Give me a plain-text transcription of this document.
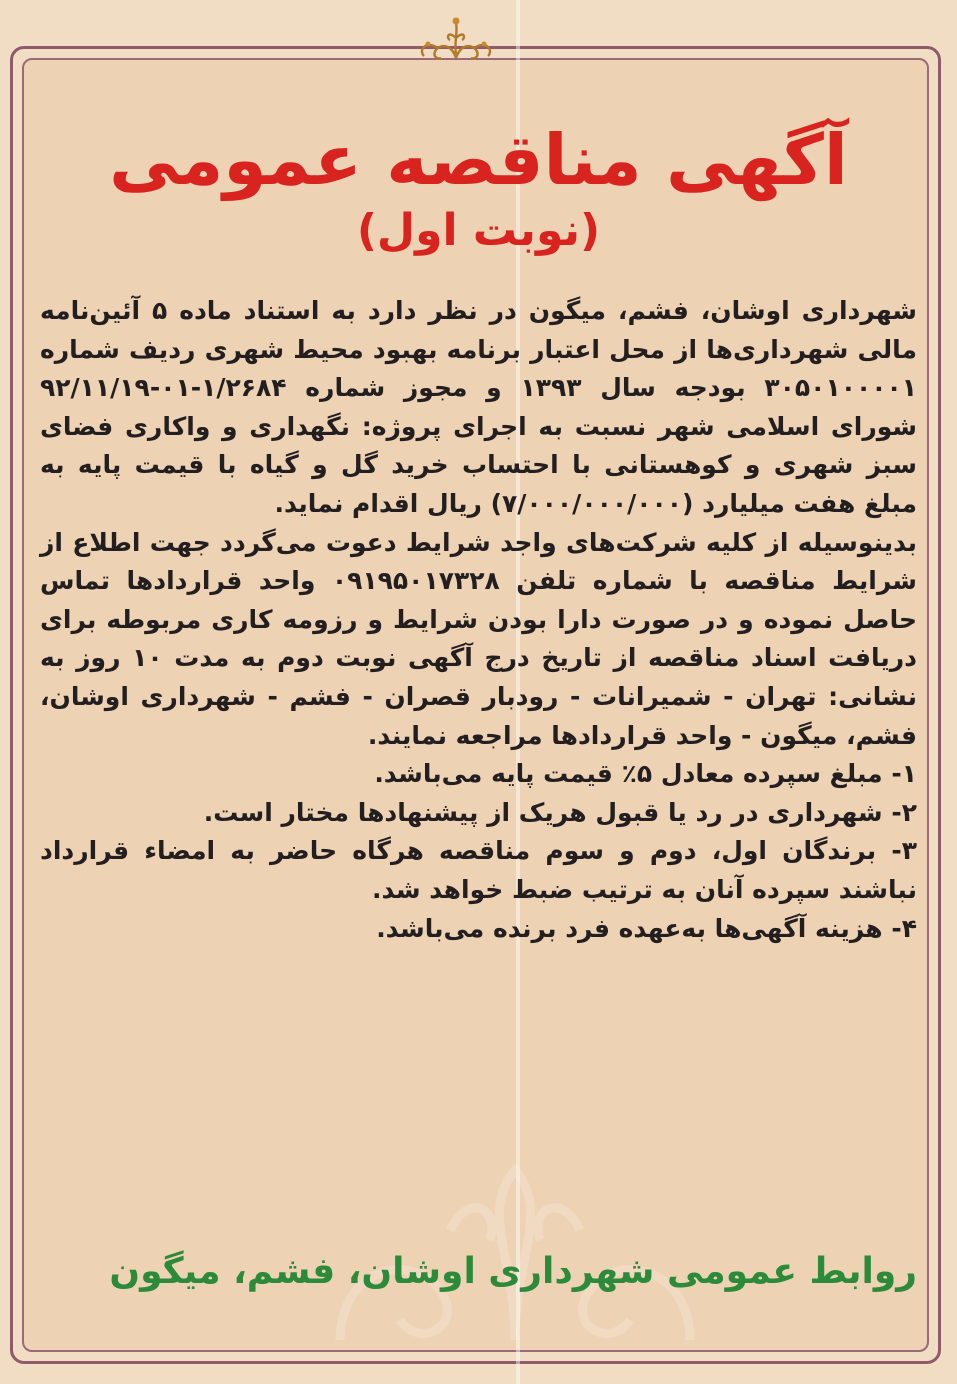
آگهی مناقصه عمومی
(نوبت اول)

شهرداری اوشان، فشم، میگون در نظر دارد به استناد ماده ۵ آئین‌نامه مالی شهرداری‌ها از محل اعتبار برنامه بهبود محیط شهری ردیف شماره ۳۰۵۰۱۰۰۰۰۱ بودجه سال ۱۳۹۳ و مجوز شماره ۱/۲۶۸۴-۰۱-۹۲/۱۱/۱۹ شورای اسلامی شهر نسبت به اجرای پروژه: نگهداری و واکاری فضای سبز شهری و کوهستانی با احتساب خرید گل و گیاه با قیمت پایه به مبلغ هفت میلیارد (۷/۰۰۰/۰۰۰/۰۰۰) ریال اقدام نماید.

بدینوسیله از کلیه شرکت‌های واجد شرایط دعوت می‌گردد جهت اطلاع از شرایط مناقصه با شماره تلفن ۰۹۱۹۵۰۱۷۳۲۸ واحد قراردادها تماس حاصل نموده و در صورت دارا بودن شرایط و رزومه کاری مربوطه برای دریافت اسناد مناقصه از تاریخ درج آگهی نوبت دوم به مدت ۱۰ روز به نشانی: تهران - شمیرانات - رودبار قصران - فشم - شهرداری اوشان، فشم، میگون - واحد قراردادها مراجعه نمایند.

۱- مبلغ سپرده معادل ۵٪ قیمت پایه می‌باشد.

۲- شهرداری در رد یا قبول هریک از پیشنهادها مختار است.

۳- برندگان اول، دوم و سوم مناقصه هرگاه حاضر به امضاء قرارداد نباشند سپرده آنان به ترتیب ضبط خواهد شد.

۴- هزینه آگهی‌ها به‌عهده فرد برنده می‌باشد.

روابط عمومی شهرداری اوشان، فشم، میگون
